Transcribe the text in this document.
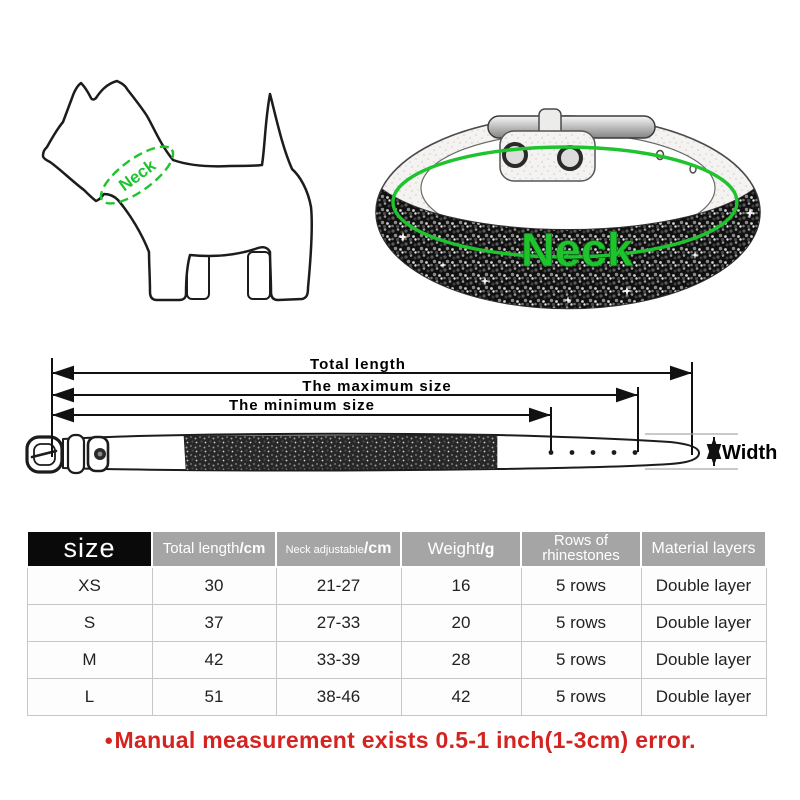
Neck
Neck
Total length
The maximum size
The minimum size
Width
size	Total length/cm	Neck adjustable/cm	Weight/g	Rows of rhinestones	Material layers
XS	30	21-27	16	5 rows	Double layer
S	37	27-33	20	5 rows	Double layer
M	42	33-39	28	5 rows	Double layer
L	51	38-46	42	5 rows	Double layer
●Manual measurement exists 0.5-1 inch(1-3cm) error.
